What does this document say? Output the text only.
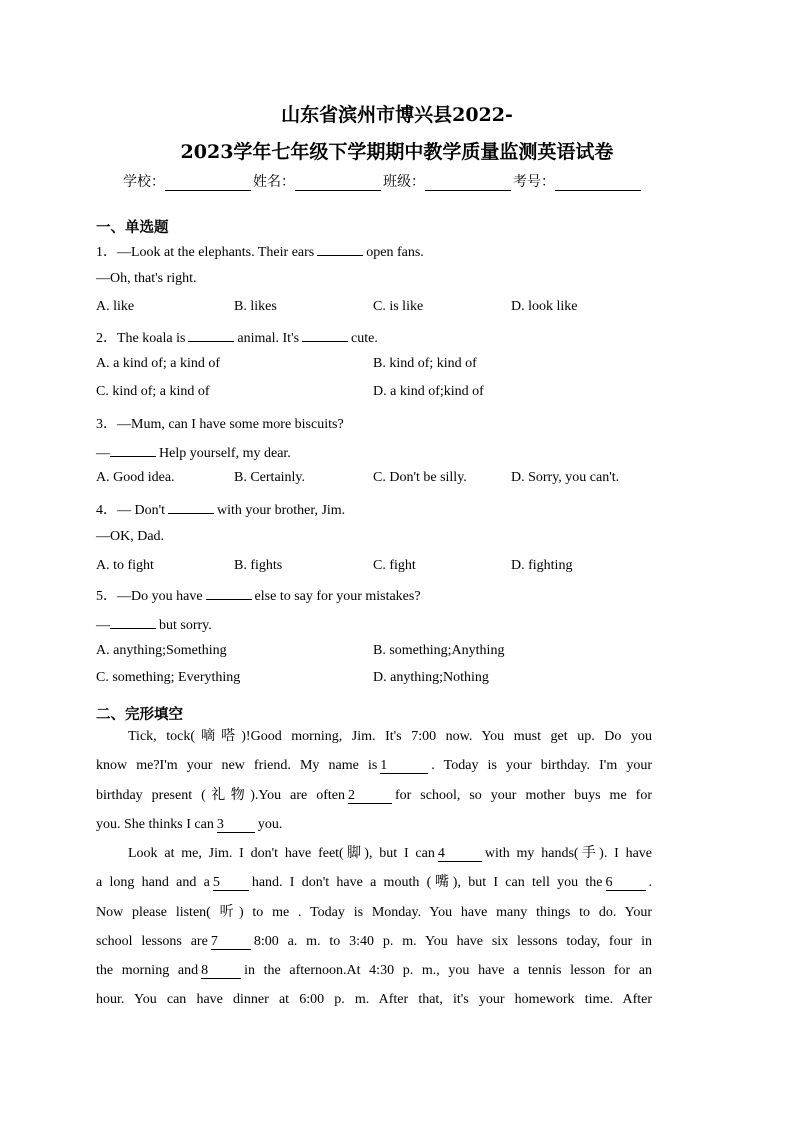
山东省滨州市博兴县2022-
2023学年七年级下学期期中教学质量监测英语试卷
学校：	姓名：	班级：	考号：
一、单选题
1．—Look at the elephants. Their ears	open fans.
—Oh, that's right.
A. like	B. likes	C. is like	D. look like
2．The koala is	animal. It's	cute.
A. a kind of; a kind of	B. kind of; kind of
C. kind of; a kind of	D. a kind of;kind of
3．—Mum, can I have some more biscuits?
—	Help yourself, my dear.
A. Good idea.	B. Certainly.	C. Don't be silly.	D. Sorry, you can't.
4．— Don't	with your brother, Jim.
—OK, Dad.
A. to fight	B. fights	C. fight	D. fighting
5．—Do you have	else to say for your mistakes?
—	but sorry.
A. anything;Something	B. something;Anything
C. something; Everything	D. anything;Nothing
二、完形填空
Tick, tock(嘀嗒)!Good morning, Jim. It's 7:00 now. You must get up. Do you
know me?I'm your new friend. My name is 1	. Today is your birthday. I'm your
birthday present (礼物).You are often 2	for school, so your mother buys me for
you. She thinks I can 3 you.
Look at me, Jim. I don't have feet(脚), but I can 4	with my hands(手). I have
a long hand and a 5 hand. I don't have a mouth (嘴), but I can tell you the 6	.
Now please listen( 听) to me . Today is Monday. You have many things to do. Your
school lessons are 7	8:00 a. m. to 3:40 p. m. You have six lessons today, four in
the morning and 8	in the afternoon.At 4:30 p. m., you have a tennis lesson for an
hour. You can have dinner at 6:00 p. m. After that, it's your homework time. After
